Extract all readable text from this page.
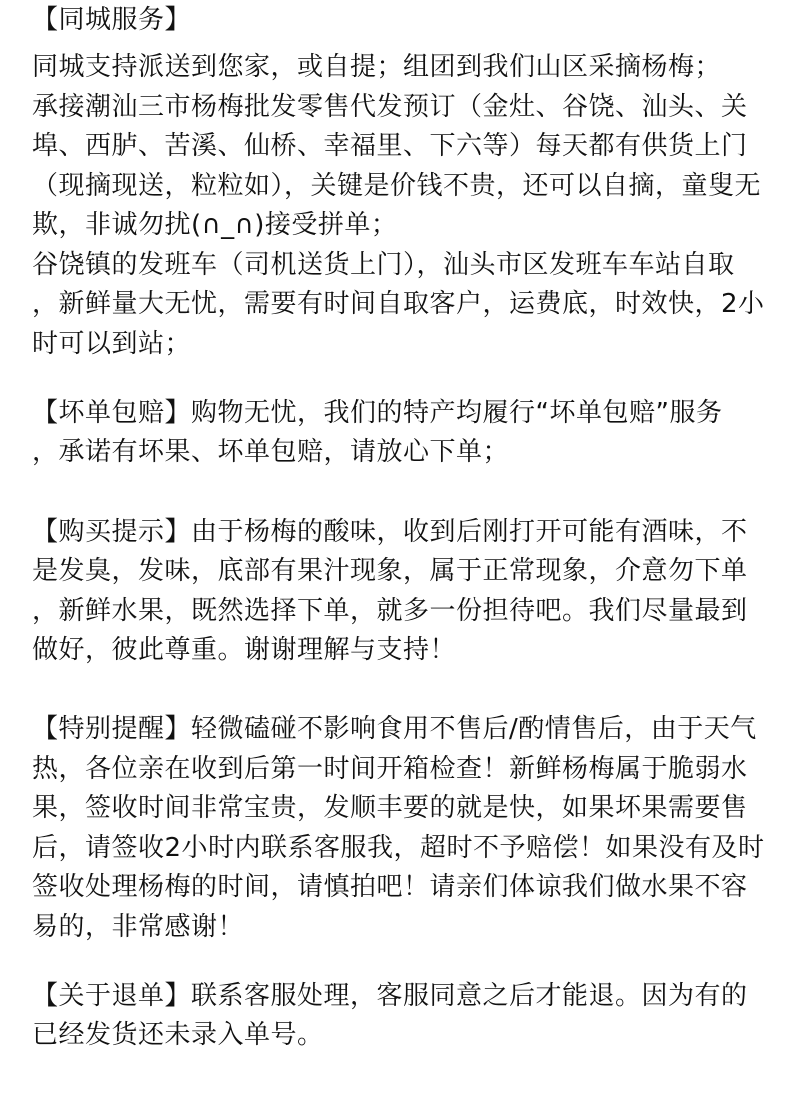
【同城服务】
同城支持派送到您家，或自提；组团到我们山区采摘杨梅；
承接潮汕三市杨梅批发零售代发预订（金灶、谷饶、汕头、关
埠、西胪、苦溪、仙桥、幸福里、下六等）每天都有供货上门
（现摘现送，粒粒如），关键是价钱不贵，还可以自摘，童叟无
欺，非诚勿扰(∩_∩)接受拼单；
谷饶镇的发班车（司机送货上门），汕头市区发班车车站自取
，新鲜量大无忧，需要有时间自取客户，运费底，时效快，2小
时可以到站；
【坏单包赔】购物无忧，我们的特产均履行“坏单包赔”服务
，承诺有坏果、坏单包赔，请放心下单；
【购买提示】由于杨梅的酸味，收到后刚打开可能有酒味，不
是发臭，发味，底部有果汁现象，属于正常现象，介意勿下单
，新鲜水果，既然选择下单，就多一份担待吧。我们尽量最到
做好，彼此尊重。谢谢理解与支持！
【特别提醒】轻微磕碰不影响食用不售后/酌情售后，由于天气
热，各位亲在收到后第一时间开箱检查！新鲜杨梅属于脆弱水
果，签收时间非常宝贵，发顺丰要的就是快，如果坏果需要售
后，请签收2小时内联系客服我，超时不予赔偿！如果没有及时
签收处理杨梅的时间，请慎拍吧！请亲们体谅我们做水果不容
易的，非常感谢！
【关于退单】联系客服处理，客服同意之后才能退。因为有的
已经发货还未录入单号。
